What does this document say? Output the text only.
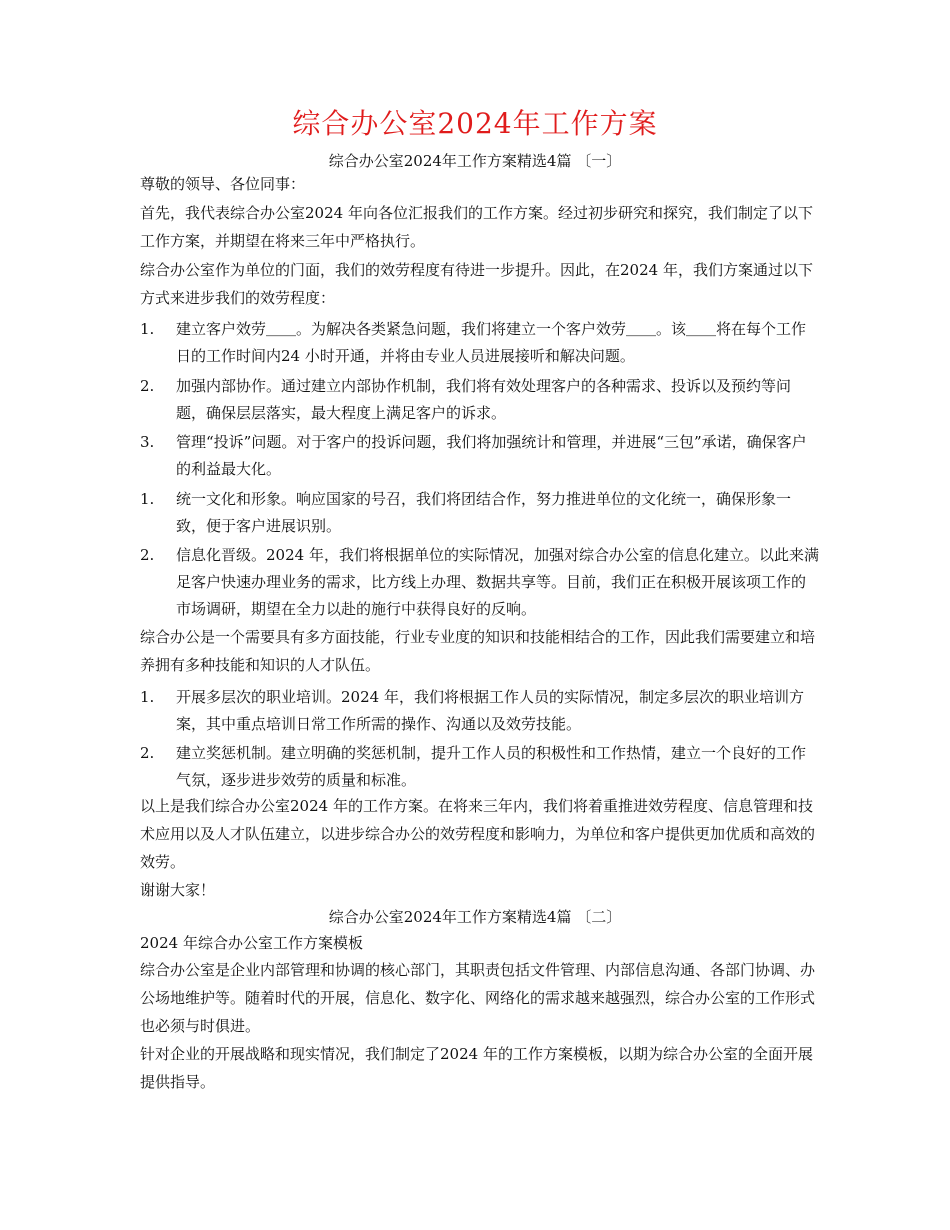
综合办公室2024年工作方案
综合办公室2024年工作方案精选4篇 〔一〕
尊敬的领导、各位同事：
首先，我代表综合办公室2024 年向各位汇报我们的工作方案。经过初步研究和探究，我们制定了以下工作方案，并期望在将来三年中严格执行。
综合办公室作为单位的门面，我们的效劳程度有待进一步提升。因此，在2024 年，我们方案通过以下方式来进步我们的效劳程度：
1.	建立客户效劳＿＿。为解决各类紧急问题，我们将建立一个客户效劳＿＿。该＿＿将在每个工作日的工作时间内24 小时开通，并将由专业人员进展接听和解决问题。
2.	加强内部协作。通过建立内部协作机制，我们将有效处理客户的各种需求、投诉以及预约等问题，确保层层落实，最大程度上满足客户的诉求。
3.	管理“投诉”问题。对于客户的投诉问题，我们将加强统计和管理，并进展“三包”承诺，确保客户的利益最大化。
1.	统一文化和形象。响应国家的号召，我们将团结合作，努力推进单位的文化统一，确保形象一致，便于客户进展识别。
2.	信息化晋级。2024 年，我们将根据单位的实际情况，加强对综合办公室的信息化建立。以此来满足客户快速办理业务的需求，比方线上办理、数据共享等。目前，我们正在积极开展该项工作的市场调研，期望在全力以赴的施行中获得良好的反响。
综合办公是一个需要具有多方面技能，行业专业度的知识和技能相结合的工作，因此我们需要建立和培养拥有多种技能和知识的人才队伍。
1.	开展多层次的职业培训。2024 年，我们将根据工作人员的实际情况，制定多层次的职业培训方案，其中重点培训日常工作所需的操作、沟通以及效劳技能。
2.	建立奖惩机制。建立明确的奖惩机制，提升工作人员的积极性和工作热情，建立一个良好的工作气氛，逐步进步效劳的质量和标准。
以上是我们综合办公室2024 年的工作方案。在将来三年内，我们将着重推进效劳程度、信息管理和技术应用以及人才队伍建立，以进步综合办公的效劳程度和影响力，为单位和客户提供更加优质和高效的效劳。
谢谢大家！
综合办公室2024年工作方案精选4篇 〔二〕
2024 年综合办公室工作方案模板
综合办公室是企业内部管理和协调的核心部门，其职责包括文件管理、内部信息沟通、各部门协调、办公场地维护等。随着时代的开展，信息化、数字化、网络化的需求越来越强烈，综合办公室的工作形式也必须与时俱进。
针对企业的开展战略和现实情况，我们制定了2024 年的工作方案模板，以期为综合办公室的全面开展提供指导。
